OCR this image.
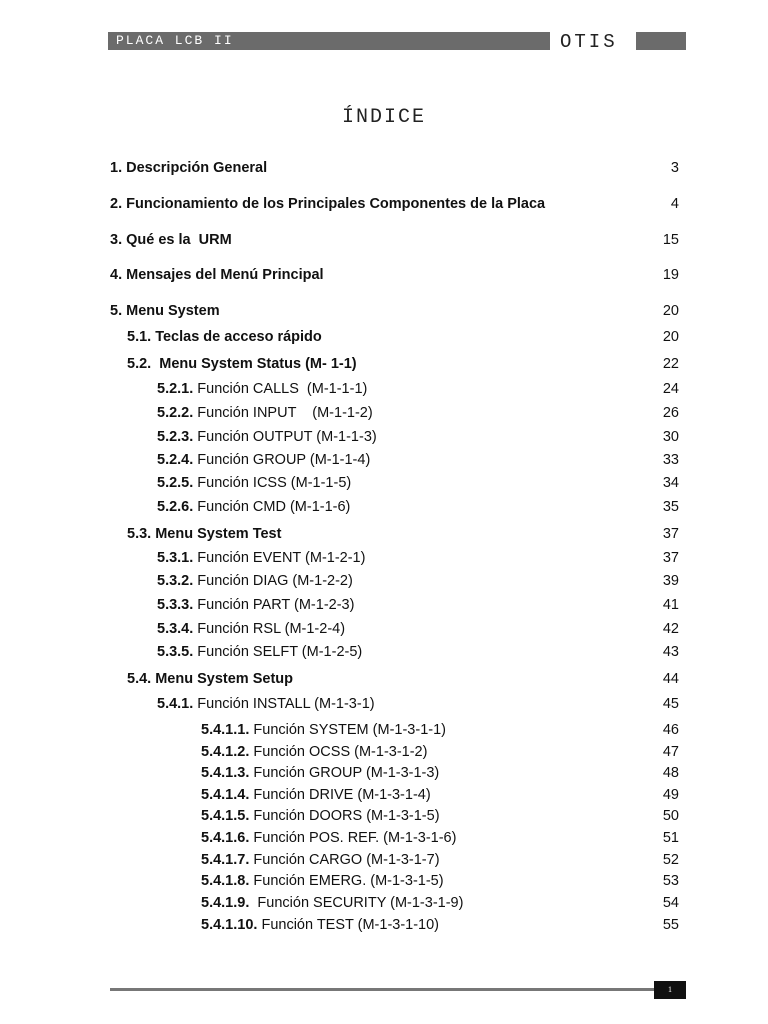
PLACA LCB II	OTIS
ÍNDICE
1. Descripción General	3
2. Funcionamiento de los Principales Componentes de la Placa	4
3. Qué es la  URM	15
4. Mensajes del Menú Principal	19
5. Menu System	20
5.1. Teclas de acceso rápido	20
5.2.  Menu System Status (M- 1-1)	22
5.2.1. Función CALLS  (M-1-1-1)	24
5.2.2. Función INPUT    (M-1-1-2)	26
5.2.3. Función OUTPUT (M-1-1-3)	30
5.2.4. Función GROUP (M-1-1-4)	33
5.2.5. Función ICSS (M-1-1-5)	34
5.2.6. Función CMD (M-1-1-6)	35
5.3. Menu System Test	37
5.3.1. Función EVENT (M-1-2-1)	37
5.3.2. Función DIAG (M-1-2-2)	39
5.3.3. Función PART (M-1-2-3)	41
5.3.4. Función RSL (M-1-2-4)	42
5.3.5. Función SELFT (M-1-2-5)	43
5.4. Menu System Setup	44
5.4.1. Función INSTALL (M-1-3-1)	45
5.4.1.1. Función SYSTEM (M-1-3-1-1)	46
5.4.1.2. Función OCSS (M-1-3-1-2)	47
5.4.1.3. Función GROUP (M-1-3-1-3)	48
5.4.1.4. Función DRIVE (M-1-3-1-4)	49
5.4.1.5. Función DOORS (M-1-3-1-5)	50
5.4.1.6. Función POS. REF. (M-1-3-1-6)	51
5.4.1.7. Función CARGO (M-1-3-1-7)	52
5.4.1.8. Función EMERG. (M-1-3-1-5)	53
5.4.1.9.  Función SECURITY (M-1-3-1-9)	54
5.4.1.10. Función TEST (M-1-3-1-10)	55
1
